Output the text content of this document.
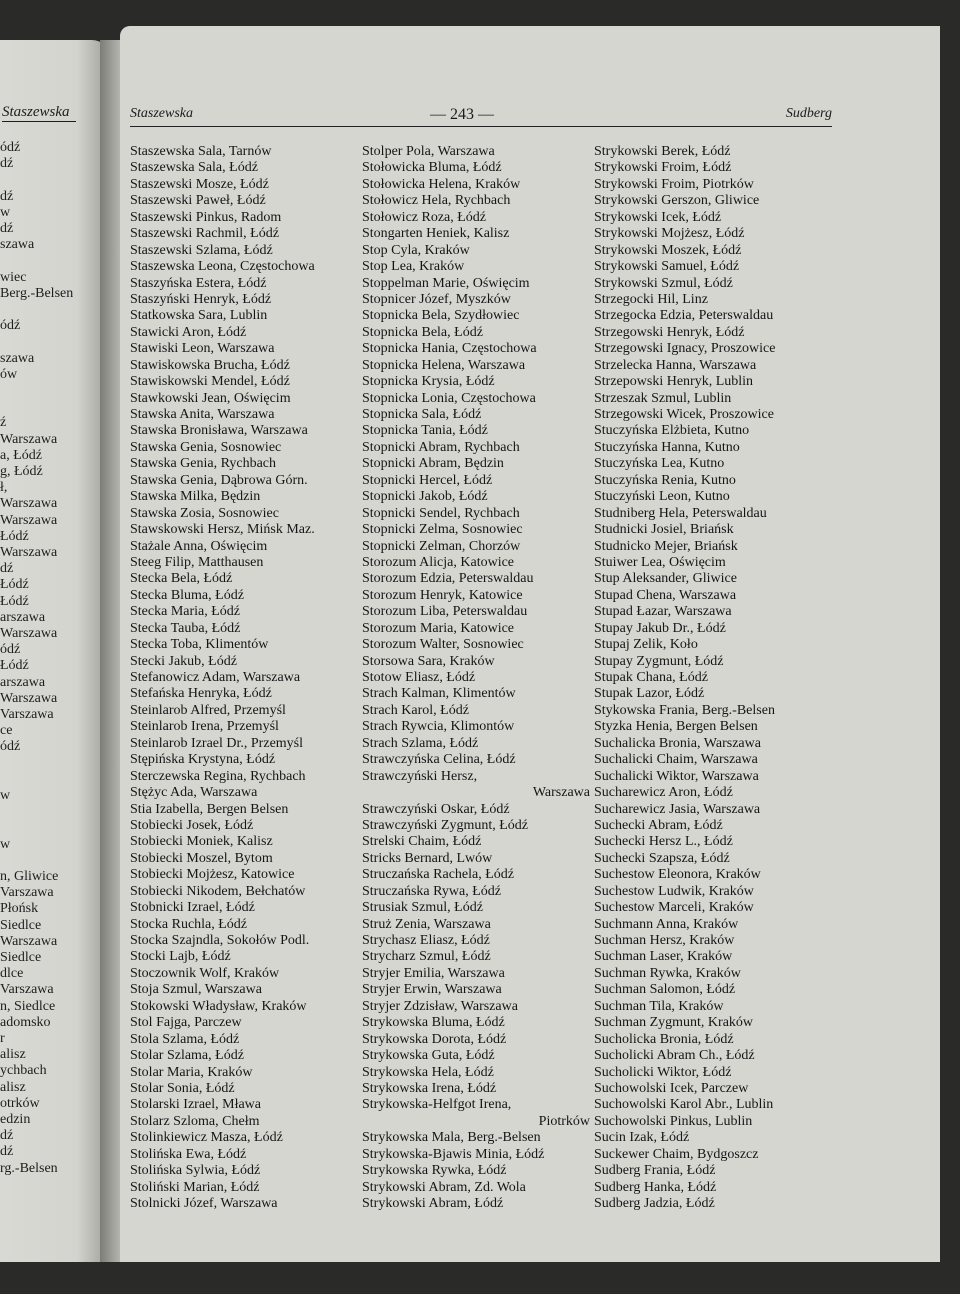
Staszewska
ódź
dź
dź
w
dź
szawa
wiec
Berg.-Belsen
ódź
szawa
ów
ź
Warszawa
a, Łódź
g, Łódź
ł,
Warszawa
Warszawa
Łódź
Warszawa
dź
Łódź
Łódź
arszawa
Warszawa
ódź
Łódź
arszawa
Warszawa
Varszawa
ce
ódź
w
w
n, Gliwice
Varszawa
Płońsk
Siedlce
Warszawa
Siedlce
dlce
Varszawa
n, Siedlce
adomsko
r
alisz
ychbach
alisz
otrków
edzin
dź
dź
rg.-Belsen
Staszewska	— 243 —	Sudberg
Staszewska Sala, Tarnów
Staszewska Sala, Łódź
Staszewski Mosze, Łódź
Staszewski Paweł, Łódź
Staszewski Pinkus, Radom
Staszewski Rachmil, Łódź
Staszewski Szlama, Łódź
Staszewska Leona, Częstochowa
Staszyńska Estera, Łódź
Staszyński Henryk, Łódź
Statkowska Sara, Lublin
Stawicki Aron, Łódź
Stawiski Leon, Warszawa
Stawiskowska Brucha, Łódź
Stawiskowski Mendel, Łódź
Stawkowski Jean, Oświęcim
Stawska Anita, Warszawa
Stawska Bronisława, Warszawa
Stawska Genia, Sosnowiec
Stawska Genia, Rychbach
Stawska Genia, Dąbrowa Górn.
Stawska Milka, Będzin
Stawska Zosia, Sosnowiec
Stawskowski Hersz, Mińsk Maz.
Stażale Anna, Oświęcim
Steeg Filip, Matthausen
Stecka Bela, Łódź
Stecka Bluma, Łódź
Stecka Maria, Łódź
Stecka Tauba, Łódź
Stecka Toba, Klimentów
Stecki Jakub, Łódź
Stefanowicz Adam, Warszawa
Stefańska Henryka, Łódź
Steinlarob Alfred, Przemyśl
Steinlarob Irena, Przemyśl
Steinlarob Izrael Dr., Przemyśl
Stępińska Krystyna, Łódź
Sterczewska Regina, Rychbach
Stężyc Ada, Warszawa
Stia Izabella, Bergen Belsen
Stobiecki Josek, Łódź
Stobiecki Moniek, Kalisz
Stobiecki Moszel, Bytom
Stobiecki Mojżesz, Katowice
Stobiecki Nikodem, Bełchatów
Stobnicki Izrael, Łódź
Stocka Ruchla, Łódź
Stocka Szajndla, Sokołów Podl.
Stocki Lajb, Łódź
Stoczownik Wolf, Kraków
Stoja Szmul, Warszawa
Stokowski Władysław, Kraków
Stol Fajga, Parczew
Stola Szlama, Łódź
Stolar Szlama, Łódź
Stolar Maria, Kraków
Stolar Sonia, Łódź
Stolarski Izrael, Mława
Stolarz Szloma, Chełm
Stolinkiewicz Masza, Łódź
Stolińska Ewa, Łódź
Stolińska Sylwia, Łódź
Stoliński Marian, Łódź
Stolnicki Józef, Warszawa
Stolper Pola, Warszawa
Stołowicka Bluma, Łódź
Stołowicka Helena, Kraków
Stołowicz Hela, Rychbach
Stołowicz Roza, Łódź
Stongarten Heniek, Kalisz
Stop Cyla, Kraków
Stop Lea, Kraków
Stoppelman Marie, Oświęcim
Stopnicer Józef, Myszków
Stopnicka Bela, Szydłowiec
Stopnicka Bela, Łódź
Stopnicka Hania, Częstochowa
Stopnicka Helena, Warszawa
Stopnicka Krysia, Łódź
Stopnicka Lonia, Częstochowa
Stopnicka Sala, Łódź
Stopnicka Tania, Łódź
Stopnicki Abram, Rychbach
Stopnicki Abram, Będzin
Stopnicki Hercel, Łódź
Stopnicki Jakob, Łódź
Stopnicki Sendel, Rychbach
Stopnicki Zelma, Sosnowiec
Stopnicki Zelman, Chorzów
Storozum Alicja, Katowice
Storozum Edzia, Peterswaldau
Storozum Henryk, Katowice
Storozum Liba, Peterswaldau
Storozum Maria, Katowice
Storozum Walter, Sosnowiec
Storsowa Sara, Kraków
Stotow Eliasz, Łódź
Strach Kalman, Klimentów
Strach Karol, Łódź
Strach Rywcia, Klimontów
Strach Szlama, Łódź
Strawczyńska Celina, Łódź
Strawczyński Hersz,
Warszawa
Strawczyński Oskar, Łódź
Strawczyński Zygmunt, Łódź
Strelski Chaim, Łódź
Stricks Bernard, Lwów
Struczańska Rachela, Łódź
Struczańska Rywa, Łódź
Strusiak Szmul, Łódź
Struż Zenia, Warszawa
Strychasz Eliasz, Łódź
Strycharz Szmul, Łódź
Stryjer Emilia, Warszawa
Stryjer Erwin, Warszawa
Stryjer Zdzisław, Warszawa
Strykowska Bluma, Łódź
Strykowska Dorota, Łódź
Strykowska Guta, Łódź
Strykowska Hela, Łódź
Strykowska Irena, Łódź
Strykowska-Helfgot Irena,
Piotrków
Strykowska Mala, Berg.-Belsen
Strykowska-Bjawis Minia, Łódź
Strykowska Rywka, Łódź
Strykowski Abram, Zd. Wola
Strykowski Abram, Łódź
Strykowski Berek, Łódź
Strykowski Froim, Łódź
Strykowski Froim, Piotrków
Strykowski Gerszon, Gliwice
Strykowski Icek, Łódź
Strykowski Mojżesz, Łódź
Strykowski Moszek, Łódź
Strykowski Samuel, Łódź
Strykowski Szmul, Łódź
Strzegocki Hil, Linz
Strzegocka Edzia, Peterswaldau
Strzegowski Henryk, Łódź
Strzegowski Ignacy, Proszowice
Strzelecka Hanna, Warszawa
Strzepowski Henryk, Lublin
Strzeszak Szmul, Lublin
Strzegowski Wicek, Proszowice
Stuczyńska Elżbieta, Kutno
Stuczyńska Hanna, Kutno
Stuczyńska Lea, Kutno
Stuczyńska Renia, Kutno
Stuczyński Leon, Kutno
Studniberg Hela, Peterswaldau
Studnicki Josiel, Briańsk
Studnicko Mejer, Briańsk
Stuiwer Lea, Oświęcim
Stup Aleksander, Gliwice
Stupad Chena, Warszawa
Stupad Łazar, Warszawa
Stupay Jakub Dr., Łódź
Stupaj Zelik, Koło
Stupay Zygmunt, Łódź
Stupak Chana, Łódź
Stupak Lazor, Łódź
Stykowska Frania, Berg.-Belsen
Styzka Henia, Bergen Belsen
Suchalicka Bronia, Warszawa
Suchalicki Chaim, Warszawa
Suchalicki Wiktor, Warszawa
Sucharewicz Aron, Łódź
Sucharewicz Jasia, Warszawa
Suchecki Abram, Łódź
Suchecki Hersz L., Łódź
Suchecki Szapsza, Łódź
Suchestow Eleonora, Kraków
Suchestow Ludwik, Kraków
Suchestow Marceli, Kraków
Suchmann Anna, Kraków
Suchman Hersz, Kraków
Suchman Laser, Kraków
Suchman Rywka, Kraków
Suchman Salomon, Łódź
Suchman Tila, Kraków
Suchman Zygmunt, Kraków
Sucholicka Bronia, Łódź
Sucholicki Abram Ch., Łódź
Sucholicki Wiktor, Łódź
Suchowolski Icek, Parczew
Suchowolski Karol Abr., Lublin
Suchowolski Pinkus, Lublin
Sucin Izak, Łódź
Suckewer Chaim, Bydgoszcz
Sudberg Frania, Łódź
Sudberg Hanka, Łódź
Sudberg Jadzia, Łódź
